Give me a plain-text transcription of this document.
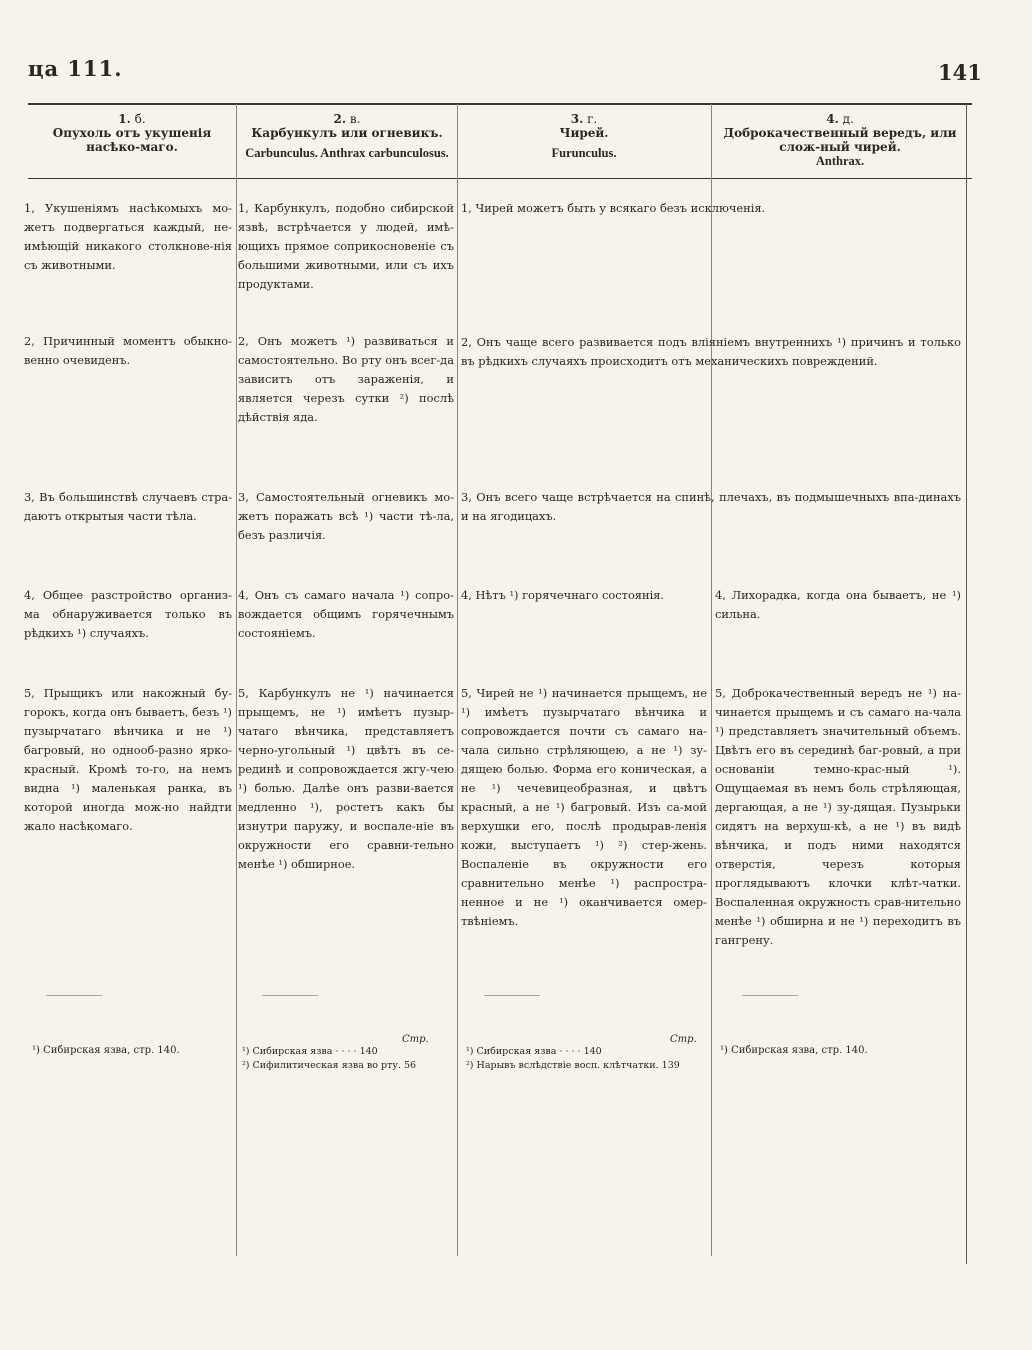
ца 111.	141
1. б.
Опухоль отъ укушенія насѣко-маго.
2. в.
Карбункулъ или огневикъ.
Carbunculus. Anthrax carbunculosus.
3. г.
Чирей.
Furunculus.
4. д.
Доброкачественный вередъ, или слож-ный чирей.
Anthrax.
1, Укушеніямъ насѣкомыхъ мо-жетъ подвергаться каждый, не-имѣющій никакого столкнове-нія съ животными.
1, Карбункулъ, подобно сибирской язвѣ, встрѣчается у людей, имѣ-ющихъ прямое соприкосновеніе съ большими животными, или съ ихъ продуктами.
1, Чирей можетъ быть у всякаго безъ исключенія.
2, Причинный моментъ обыкно-венно очевиденъ.
2, Онъ можетъ ¹) развиваться и самостоятельно. Во рту онъ всег-да зависитъ отъ зараженія, и является черезъ сутки ²) послѣ дѣйствія яда.
2, Онъ чаще всего развивается подъ вліяніемъ внутреннихъ ¹) причинъ и только въ рѣдкихъ случаяхъ происходитъ отъ механическихъ повреждений.
3, Въ большинствѣ случаевъ стра-даютъ открытыя части тѣла.
3, Самостоятельный огневикъ мо-жетъ поражать всѣ ¹) части тѣ-ла, безъ различія.
3, Онъ всего чаще встрѣчается на спинѣ, плечахъ, въ подмышечныхъ впа-динахъ и на ягодицахъ.
4, Общее разстройство организ-ма обнаруживается только въ рѣдкихъ ¹) случаяхъ.
4, Онъ съ самаго начала ¹) сопро-вождается общимъ горячечнымъ состояніемъ.
4, Нѣтъ ¹) горячечнаго состоянія.	4, Лихорадка, когда она бываетъ, не ¹) сильна.
5, Прыщикъ или накожный бу-горокъ, когда онъ бываетъ, безъ ¹) пузырчатаго вѣнчика и не ¹) багровый, но однооб-разно ярко-красный. Кромѣ то-го, на немъ видна ¹) маленькая ранка, въ которой иногда мож-но найдти жало насѣкомаго.
5, Карбункулъ не ¹) начинается прыщемъ, не ¹) имѣетъ пузыр-чатаго вѣнчика, представляетъ черно-угольный ¹) цвѣтъ въ се-рединѣ и сопровождается жгу-чею ¹) болью. Далѣе онъ разви-вается медленно ¹), ростетъ какъ бы изнутри паружу, и воспале-ніе въ окружности его сравни-тельно менѣе ¹) обширное.
5, Чирей не ¹) начинается прыщемъ, не ¹) имѣетъ пузырчатаго вѣнчика и сопровождается почти съ самаго на-чала сильно стрѣляющею, а не ¹) зу-дящею болью. Форма его коническая, а не ¹) чечевицеобразная, и цвѣтъ красный, а не ¹) багровый. Изъ са-мой верхушки его, послѣ продырав-ленія кожи, выступаетъ ¹) ²) стер-жень. Воспаленіе въ окружности его сравнительно менѣе ¹) распростра-ненное и не ¹) оканчивается омер-твѣніемъ.
5, Доброкачественный вередъ не ¹) на-чинается прыщемъ и съ самаго на-чала ¹) представляетъ значительный объемъ. Цвѣтъ его въ серединѣ баг-ровый, а при основаніи темно-крас-ный ¹). Ощущаемая въ немъ боль стрѣляющая, дергающая, а не ¹) зу-дящая. Пузырьки сидятъ на верхуш-кѣ, а не ¹) въ видѣ вѣнчика, и подъ ними находятся отверстія, черезъ которыя проглядываютъ клочки клѣт-чатки. Воспаленная окружность срав-нительно менѣе ¹) обширна и не ¹) переходитъ въ гангрену.
¹) Сибирская язва, стр. 140.
Стр.
¹) Сибирская язва · · · · 140
²) Сифилитическая язва во рту. 56
Стр.
¹) Сибирская язва · · · · 140
²) Нарывъ вслѣдствіе восп. клѣтчатки. 139
¹) Сибирская язва, стр. 140.
